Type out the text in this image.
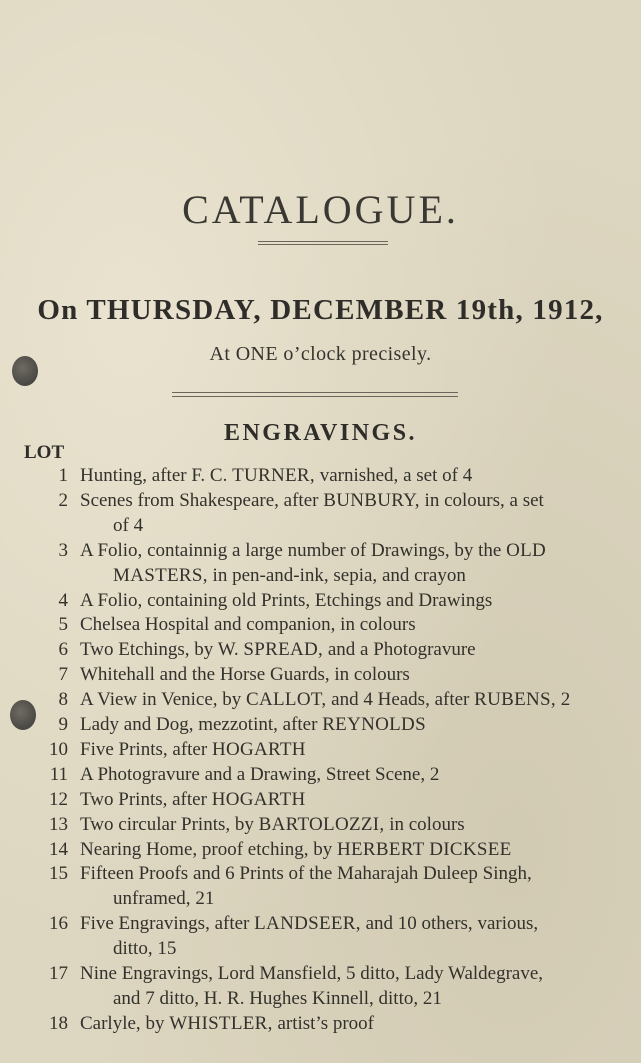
CATALOGUE.
On THURSDAY, DECEMBER 19th, 1912,
At ONE o’clock precisely.
ENGRAVINGS.
LOT
1 Hunting, after F. C. TURNER, varnished, a set of 4
2 Scenes from Shakespeare, after BUNBURY, in colours, a set
of 4
3 A Folio, containnig a large number of Drawings, by the OLD
MASTERS, in pen-and-ink, sepia, and crayon
4 A Folio, containing old Prints, Etchings and Drawings
5 Chelsea Hospital and companion, in colours
6 Two Etchings, by W. SPREAD, and a Photogravure
7 Whitehall and the Horse Guards, in colours
8 A View in Venice, by CALLOT, and 4 Heads, after RUBENS, 2
9 Lady and Dog, mezzotint, after REYNOLDS
10 Five Prints, after HOGARTH
11 A Photogravure and a Drawing, Street Scene, 2
12 Two Prints, after HOGARTH
13 Two circular Prints, by BARTOLOZZI, in colours
14 Nearing Home, proof etching, by HERBERT DICKSEE
15 Fifteen Proofs and 6 Prints of the Maharajah Duleep Singh,
unframed, 21
16 Five Engravings, after LANDSEER, and 10 others, various,
ditto, 15
17 Nine Engravings, Lord Mansfield, 5 ditto, Lady Waldegrave,
and 7 ditto, H. R. Hughes Kinnell, ditto, 21
18 Carlyle, by WHISTLER, artist’s proof
